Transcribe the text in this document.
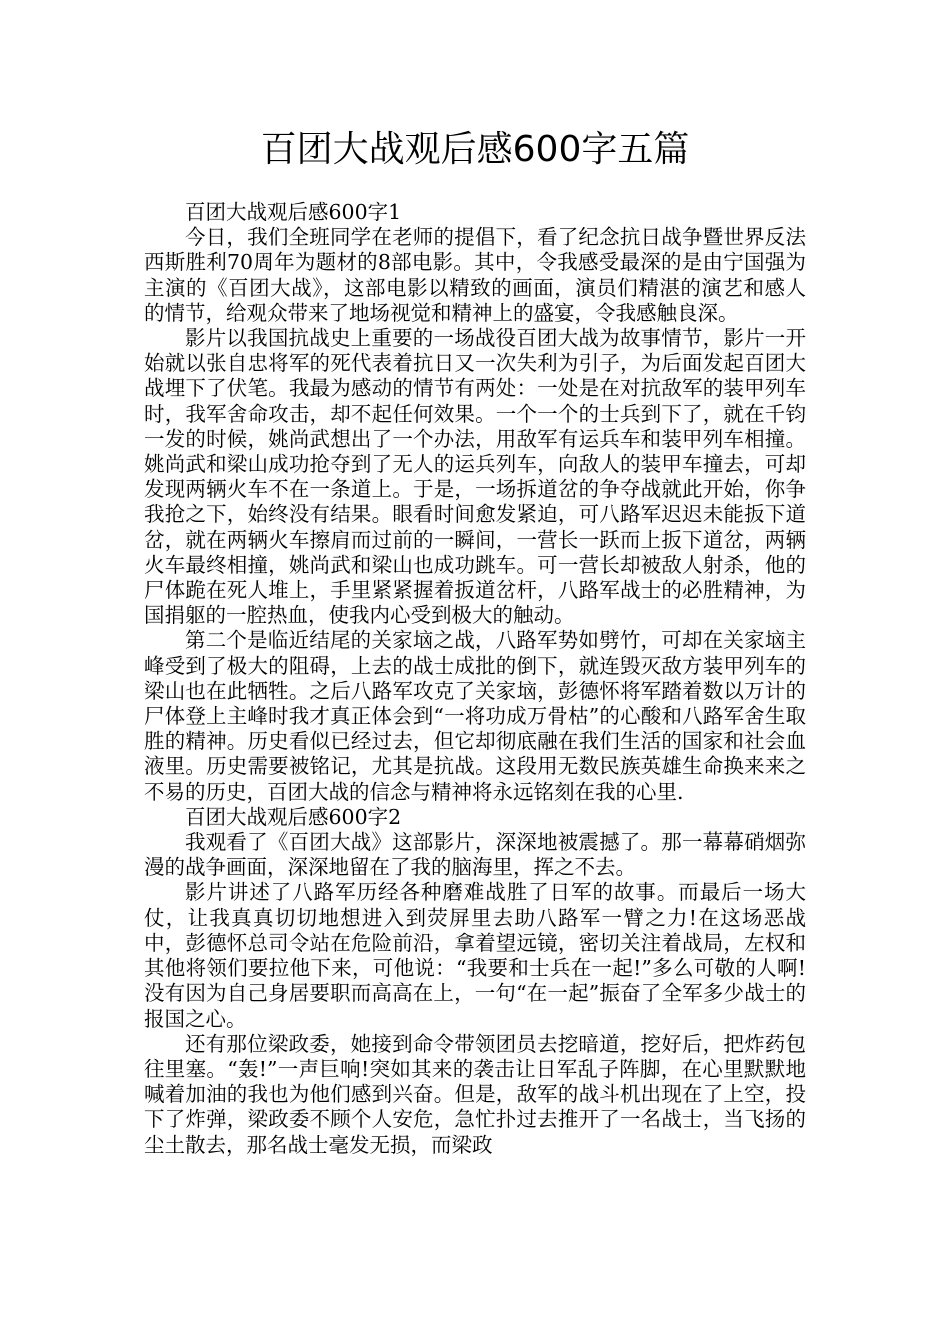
百团大战观后感600字五篇

百团大战观后感600字1

今日，我们全班同学在老师的提倡下，看了纪念抗日战争暨世界反法西斯胜利70周年为题材的8部电影。其中，令我感受最深的是由宁国强为主演的《百团大战》，这部电影以精致的画面，演员们精湛的演艺和感人的情节，给观众带来了地场视觉和精神上的盛宴，令我感触良深。

影片以我国抗战史上重要的一场战役百团大战为故事情节，影片一开始就以张自忠将军的死代表着抗日又一次失利为引子，为后面发起百团大战埋下了伏笔。我最为感动的情节有两处：一处是在对抗敌军的装甲列车时，我军舍命攻击，却不起任何效果。一个一个的士兵到下了，就在千钧一发的时候，姚尚武想出了一个办法，用敌军有运兵车和装甲列车相撞。姚尚武和梁山成功抢夺到了无人的运兵列车，向敌人的装甲车撞去，可却发现两辆火车不在一条道上。于是，一场拆道岔的争夺战就此开始，你争我抢之下，始终没有结果。眼看时间愈发紧迫，可八路军迟迟未能扳下道岔，就在两辆火车擦肩而过前的一瞬间，一营长一跃而上扳下道岔，两辆火车最终相撞，姚尚武和梁山也成功跳车。可一营长却被敌人射杀，他的尸体跪在死人堆上，手里紧紧握着扳道岔杆，八路军战士的必胜精神，为国捐躯的一腔热血，使我内心受到极大的触动。

第二个是临近结尾的关家垴之战，八路军势如劈竹，可却在关家垴主峰受到了极大的阻碍，上去的战士成批的倒下，就连毁灭敌方装甲列车的梁山也在此牺牲。之后八路军攻克了关家垴，彭德怀将军踏着数以万计的尸体登上主峰时我才真正体会到“一将功成万骨枯”的心酸和八路军舍生取胜的精神。历史看似已经过去，但它却彻底融在我们生活的国家和社会血液里。历史需要被铭记，尤其是抗战。这段用无数民族英雄生命换来来之不易的历史，百团大战的信念与精神将永远铭刻在我的心里.

百团大战观后感600字2

我观看了《百团大战》这部影片，深深地被震撼了。那一幕幕硝烟弥漫的战争画面，深深地留在了我的脑海里，挥之不去。

影片讲述了八路军历经各种磨难战胜了日军的故事。而最后一场大仗，让我真真切切地想进入到荧屏里去助八路军一臂之力!在这场恶战中，彭德怀总司令站在危险前沿，拿着望远镜，密切关注着战局，左权和其他将领们要拉他下来，可他说：“我要和士兵在一起!”多么可敬的人啊!没有因为自己身居要职而高高在上，一句“在一起”振奋了全军多少战士的报国之心。

还有那位梁政委，她接到命令带领团员去挖暗道，挖好后，把炸药包往里塞。“轰!”一声巨响!突如其来的袭击让日军乱子阵脚，在心里默默地喊着加油的我也为他们感到兴奋。但是，敌军的战斗机出现在了上空，投下了炸弹，梁政委不顾个人安危，急忙扑过去推开了一名战士，当飞扬的尘土散去，那名战士毫发无损，而梁政
